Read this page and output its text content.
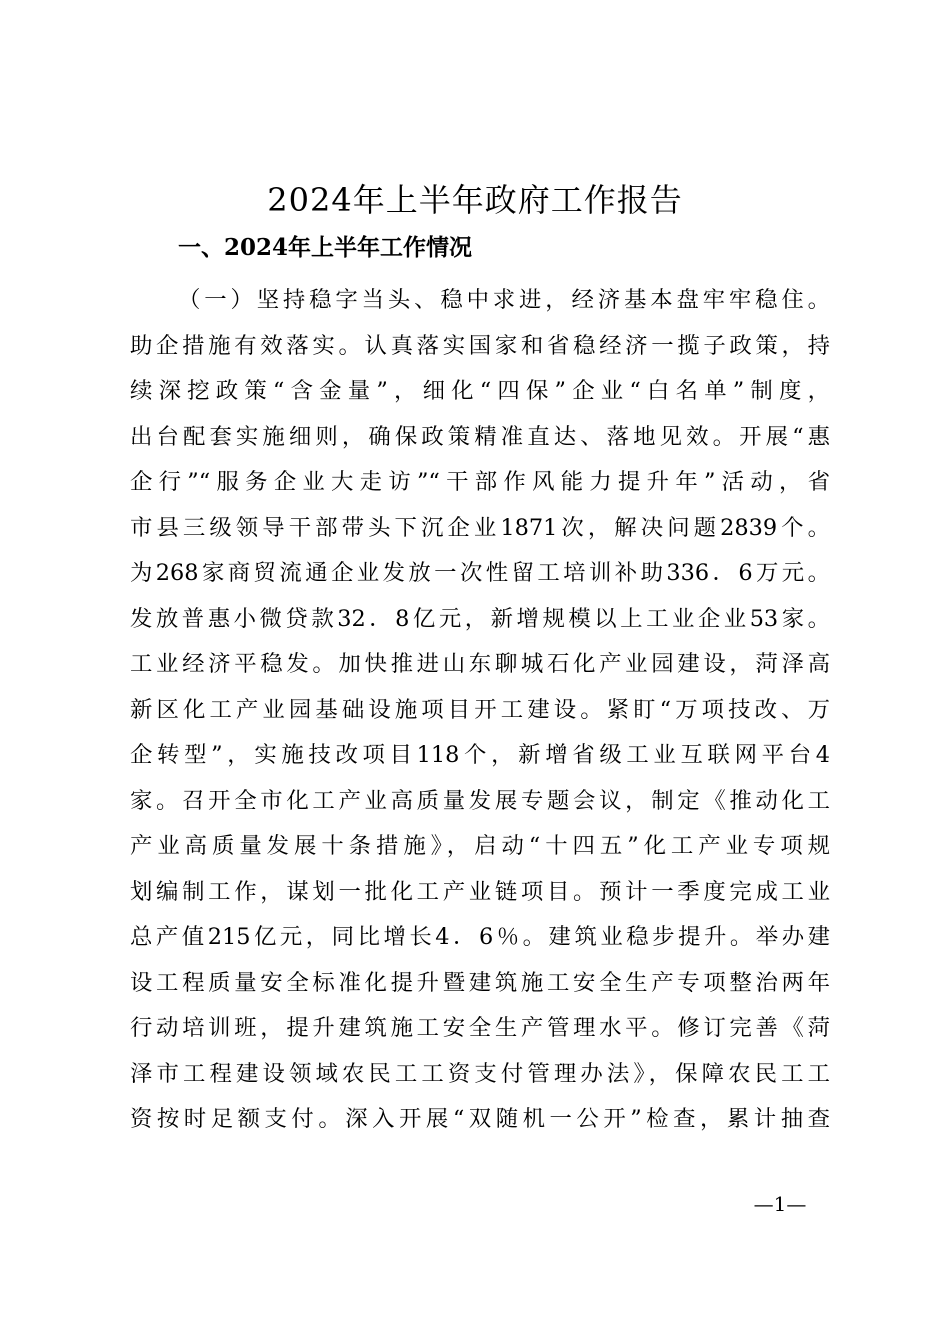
2024年上半年政府工作报告
一、2024年上半年工作情况
（一）坚持稳字当头、稳中求进，经济基本盘牢牢稳住。
助企措施有效落实。认真落实国家和省稳经济一揽子政策，持
续深挖政策“含金量”，细化“四保”企业“白名单”制度，
出台配套实施细则，确保政策精准直达、落地见效。开展“惠
企行”“服务企业大走访”“干部作风能力提升年”活动，省
市县三级领导干部带头下沉企业1871次，解决问题2839个。
为268家商贸流通企业发放一次性留工培训补助336．6万元。
发放普惠小微贷款32．8亿元，新增规模以上工业企业53家。
工业经济平稳发。加快推进山东聊城石化产业园建设，菏泽高
新区化工产业园基础设施项目开工建设。紧盯“万项技改、万
企转型”，实施技改项目118个，新增省级工业互联网平台4
家。召开全市化工产业高质量发展专题会议，制定《推动化工
产业高质量发展十条措施》，启动“十四五”化工产业专项规
划编制工作，谋划一批化工产业链项目。预计一季度完成工业
总产值215亿元，同比增长4．6％。建筑业稳步提升。举办建
设工程质量安全标准化提升暨建筑施工安全生产专项整治两年
行动培训班，提升建筑施工安全生产管理水平。修订完善《菏
泽市工程建设领域农民工工资支付管理办法》，保障农民工工
资按时足额支付。深入开展“双随机一公开”检查，累计抽查
—1—
